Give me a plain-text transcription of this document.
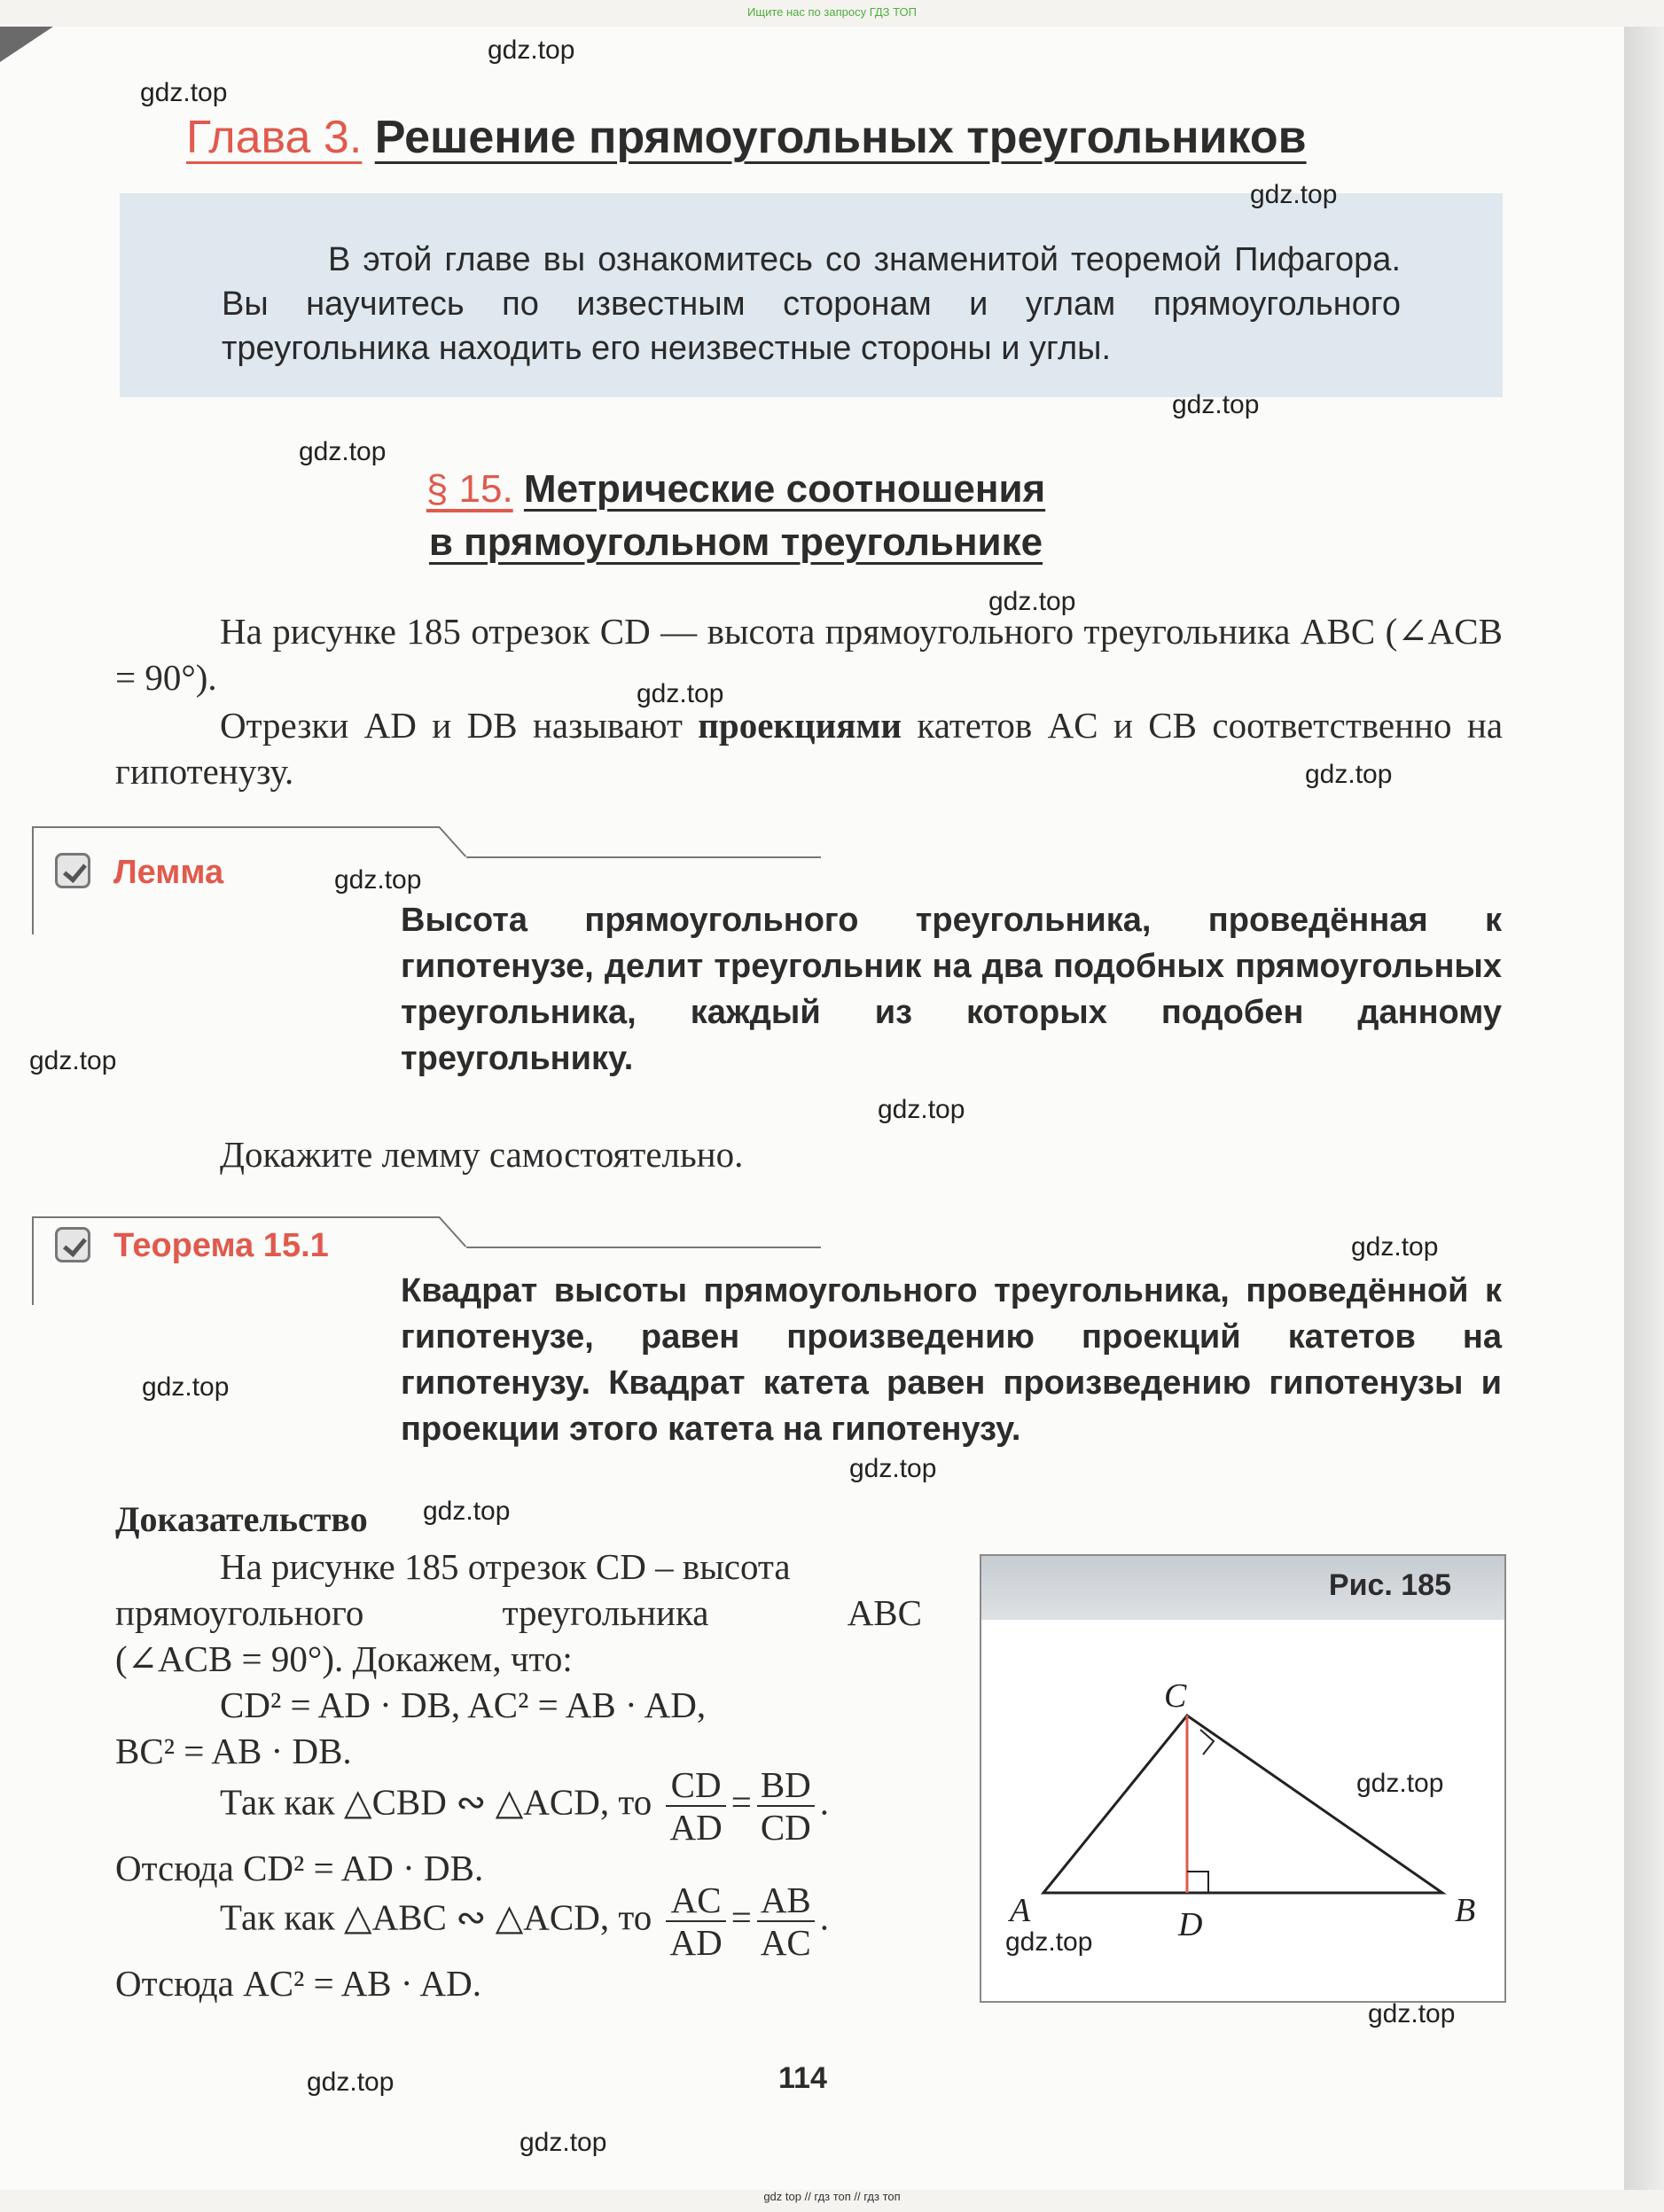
Ищите нас по запросу ГДЗ ТОП
Глава 3. Решение прямоугольных треугольников
В этой главе вы ознакомитесь со знаменитой теоремой Пифагора. Вы научитесь по известным сторонам и углам прямоугольного треугольника находить его неизвестные стороны и углы.
§ 15. Метрические соотношения
в прямоугольном треугольнике
На рисунке 185 отрезок CD — высота прямоугольного треугольника ABC (∠ACB = 90°).
Отрезки AD и DB называют проекциями катетов AC и CB соответственно на гипотенузу.
Лемма
Высота прямоугольного треугольника, проведённая к гипотенузе, делит треугольник на два подобных прямоугольных треугольника, каждый из которых подобен данному треугольнику.
Докажите лемму самостоятельно.
Теорема 15.1
Квадрат высоты прямоугольного треугольника, проведённой к гипотенузе, равен произведению проекций катетов на гипотенузу. Квадрат катета равен произведению гипотенузы и проекции этого катета на гипотенузу.
Доказательство
На рисунке 185 отрезок CD – высота
прямоугольного треугольника ABC
(∠ACB = 90°). Докажем, что:
CD² = AD · DB, AC² = AB · AD,
BC² = AB · DB.
Так как △CBD ∾ △ACD, то $\frac{CD}{AD} = \frac{BD}{CD}$ .
Отсюда CD² = AD · DB.
Так как △ABC ∾ △ACD, то $\frac{AC}{AD} = \frac{AB}{AC}$ .
Отсюда AC² = AB · AD.
Рис. 185
C
A	B
D
114
gdz.top
gdz.top
gdz.top
gdz.top
gdz.top
gdz.top
gdz.top
gdz.top
gdz.top
gdz.top
gdz.top
gdz.top
gdz.top
gdz.top
gdz.top
gdz.top
gdz.top
gdz.top
gdz.top
gdz.top
gdz top // гдз топ // гдз топ
